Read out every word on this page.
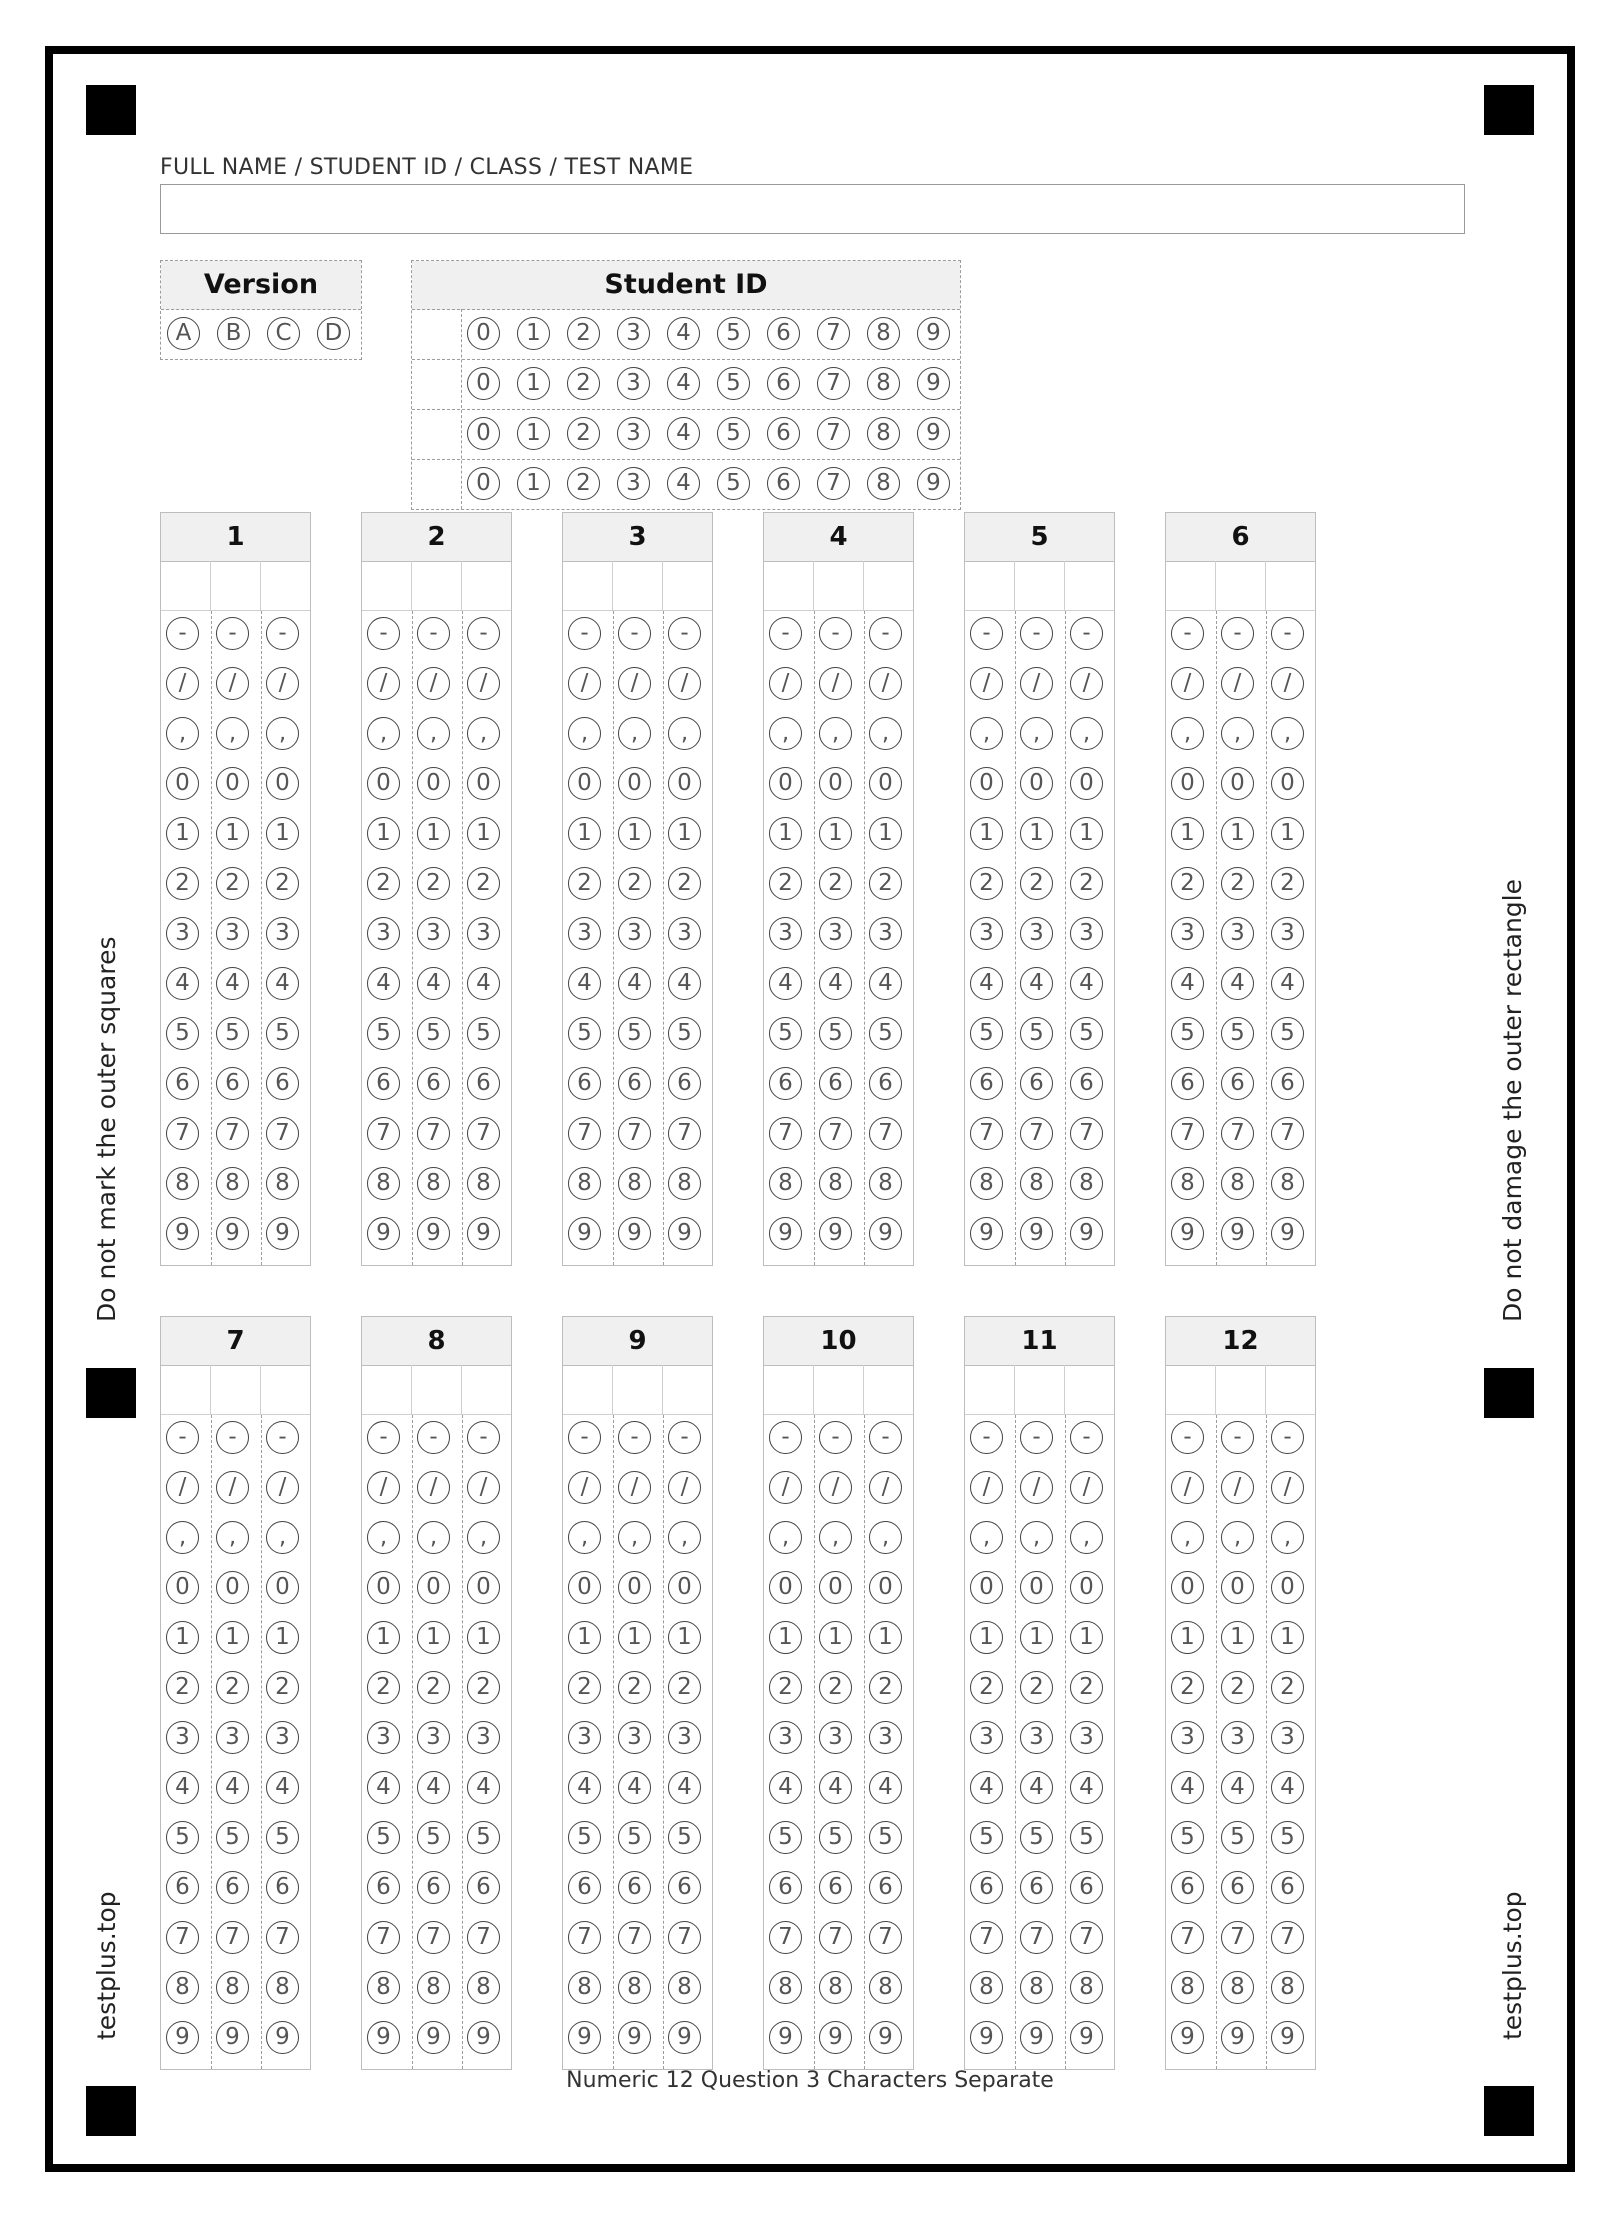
FULL NAME / STUDENT ID / CLASS / TEST NAME
Version
A	B	C	D
Student ID
0	1	2	3	4	5	6	7	8	9
0	1	2	3	4	5	6	7	8	9
0	1	2	3	4	5	6	7	8	9
0	1	2	3	4	5	6	7	8	9
1
-	-	-
/	/	/
,	,	,
0	0	0
1	1	1
2	2	2
3	3	3
4	4	4
5	5	5
6	6	6
7	7	7
8	8	8
9	9	9
2
-	-	-
/	/	/
,	,	,
0	0	0
1	1	1
2	2	2
3	3	3
4	4	4
5	5	5
6	6	6
7	7	7
8	8	8
9	9	9
3
-	-	-
/	/	/
,	,	,
0	0	0
1	1	1
2	2	2
3	3	3
4	4	4
5	5	5
6	6	6
7	7	7
8	8	8
9	9	9
4
-	-	-
/	/	/
,	,	,
0	0	0
1	1	1
2	2	2
3	3	3
4	4	4
5	5	5
6	6	6
7	7	7
8	8	8
9	9	9
5
-	-	-
/	/	/
,	,	,
0	0	0
1	1	1
2	2	2
3	3	3
4	4	4
5	5	5
6	6	6
7	7	7
8	8	8
9	9	9
6
-	-	-
/	/	/
,	,	,
0	0	0
1	1	1
2	2	2
3	3	3
4	4	4
5	5	5
6	6	6
7	7	7
8	8	8
9	9	9
7
-	-	-
/	/	/
,	,	,
0	0	0
1	1	1
2	2	2
3	3	3
4	4	4
5	5	5
6	6	6
7	7	7
8	8	8
9	9	9
8
-	-	-
/	/	/
,	,	,
0	0	0
1	1	1
2	2	2
3	3	3
4	4	4
5	5	5
6	6	6
7	7	7
8	8	8
9	9	9
9
-	-	-
/	/	/
,	,	,
0	0	0
1	1	1
2	2	2
3	3	3
4	4	4
5	5	5
6	6	6
7	7	7
8	8	8
9	9	9
10
-	-	-
/	/	/
,	,	,
0	0	0
1	1	1
2	2	2
3	3	3
4	4	4
5	5	5
6	6	6
7	7	7
8	8	8
9	9	9
11
-	-	-
/	/	/
,	,	,
0	0	0
1	1	1
2	2	2
3	3	3
4	4	4
5	5	5
6	6	6
7	7	7
8	8	8
9	9	9
12
-	-	-
/	/	/
,	,	,
0	0	0
1	1	1
2	2	2
3	3	3
4	4	4
5	5	5
6	6	6
7	7	7
8	8	8
9	9	9
Do not mark the outer squares	Do not damage the outer rectangle
testplus.top	testplus.top
Numeric 12 Question 3 Characters Separate
